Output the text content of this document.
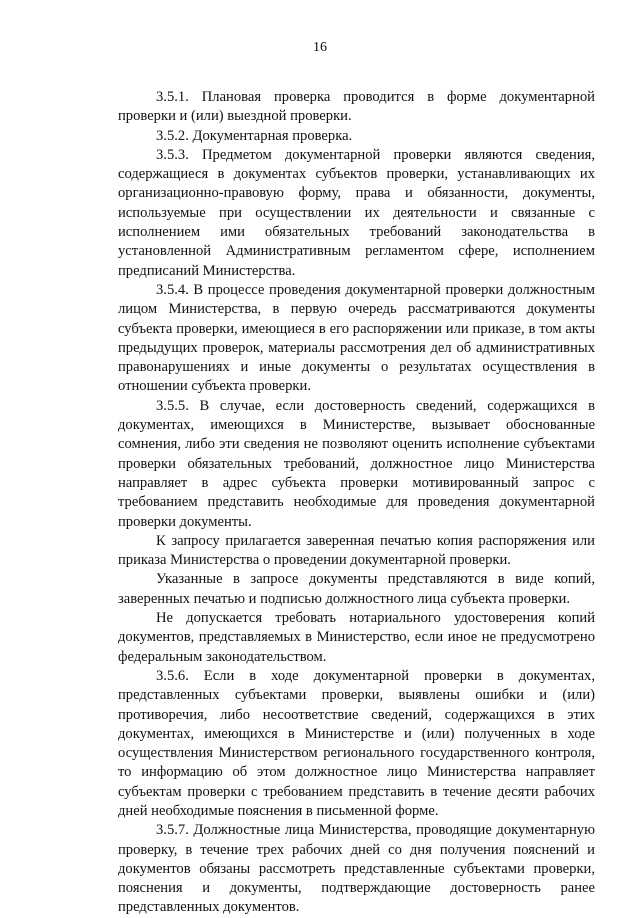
16

3.5.1. Плановая проверка проводится в форме документарной проверки и (или) выездной проверки.

3.5.2. Документарная проверка.

3.5.3. Предметом документарной проверки являются сведения, содержащиеся в документах субъектов проверки, устанавливающих их организационно-правовую форму, права и обязанности, документы, используемые при осуществлении их деятельности и связанные с исполнением ими обязательных требований законодательства в установленной Административным регламентом сфере, исполнением предписаний Министерства.

3.5.4. В процессе проведения документарной проверки должностным лицом Министерства, в первую очередь рассматриваются документы субъекта проверки, имеющиеся в его распоряжении или приказе, в том акты предыдущих проверок, материалы рассмотрения дел об административных правонарушениях и иные документы о результатах осуществления в отношении субъекта проверки.

3.5.5. В случае, если достоверность сведений, содержащихся в документах, имеющихся в Министерстве, вызывает обоснованные сомнения, либо эти сведения не позволяют оценить исполнение субъектами проверки обязательных требований, должностное лицо Министерства направляет в адрес субъекта проверки мотивированный запрос с требованием представить необходимые для проведения документарной проверки документы.

К запросу прилагается заверенная печатью копия распоряжения или приказа Министерства о проведении документарной проверки.

Указанные в запросе документы представляются в виде копий, заверенных печатью и подписью должностного лица субъекта проверки.

Не допускается требовать нотариального удостоверения копий документов, представляемых в Министерство, если иное не предусмотрено федеральным законодательством.

3.5.6. Если в ходе документарной проверки в документах, представленных субъектами проверки, выявлены ошибки и (или) противоречия, либо несоответствие сведений, содержащихся в этих документах, имеющихся в Министерстве и (или) полученных в ходе осуществления Министерством регионального государственного контроля, то информацию об этом должностное лицо Министерства направляет субъектам проверки с требованием представить в течение десяти рабочих дней необходимые пояснения в письменной форме.

3.5.7. Должностные лица Министерства, проводящие документарную проверку, в течение трех рабочих дней со дня получения пояснений и документов обязаны рассмотреть представленные субъектами проверки, пояснения и документы, подтверждающие достоверность ранее представленных документов.
